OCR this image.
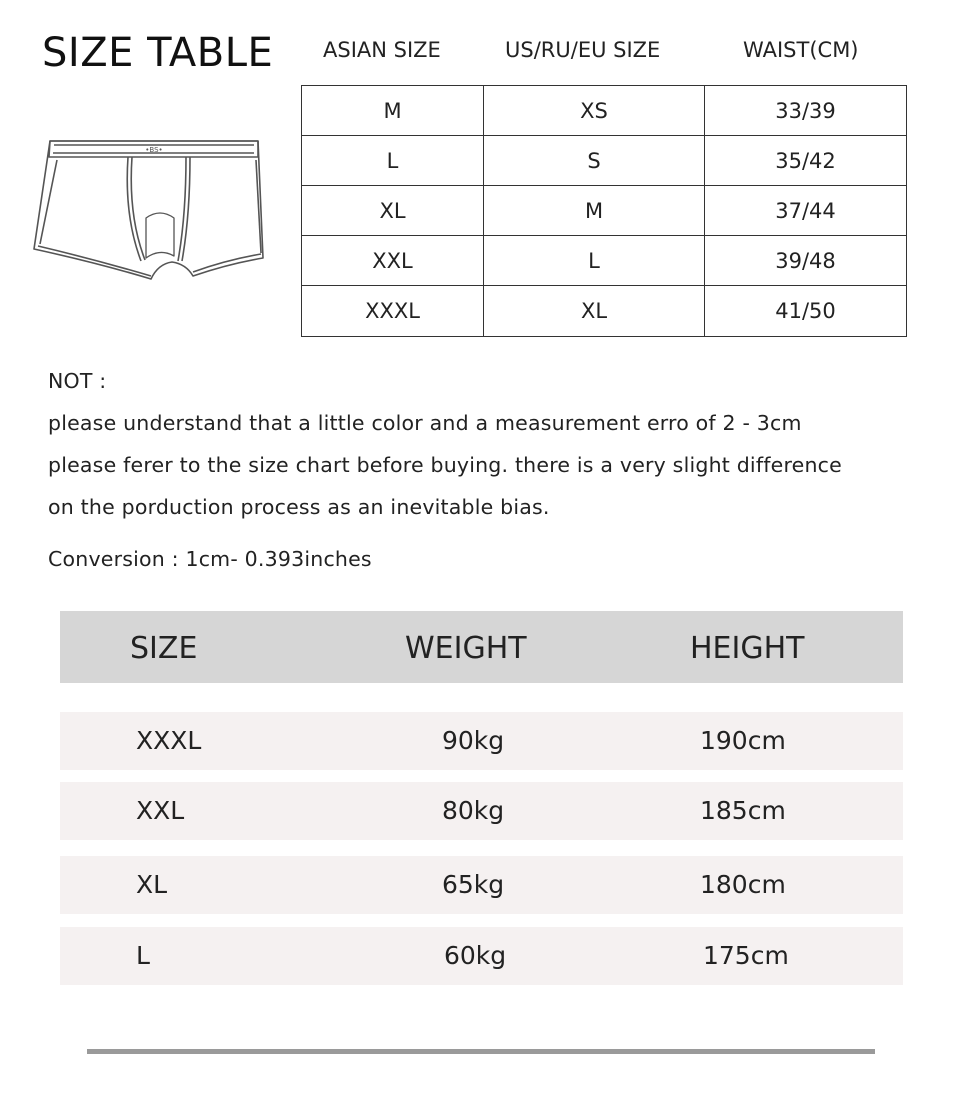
SIZE TABLE ASIAN SIZE	US/RU/EU SIZE	WAIST(CM)
M	XS	33/39
L	S	35/42
XL	M	37/44
XXL	L	39/48
XXXL	XL	41/50
•BS•
NOT :
please understand that a little color and a measurement erro of 2 - 3cm
please ferer to the size chart before buying. there is a very slight difference
on the porduction process as an inevitable bias.
Conversion : 1cm- 0.393inches
SIZE	WEIGHT	HEIGHT
XXXL	90kg	190cm
XXL	80kg	185cm
XL	65kg	180cm
L	60kg	175cm
